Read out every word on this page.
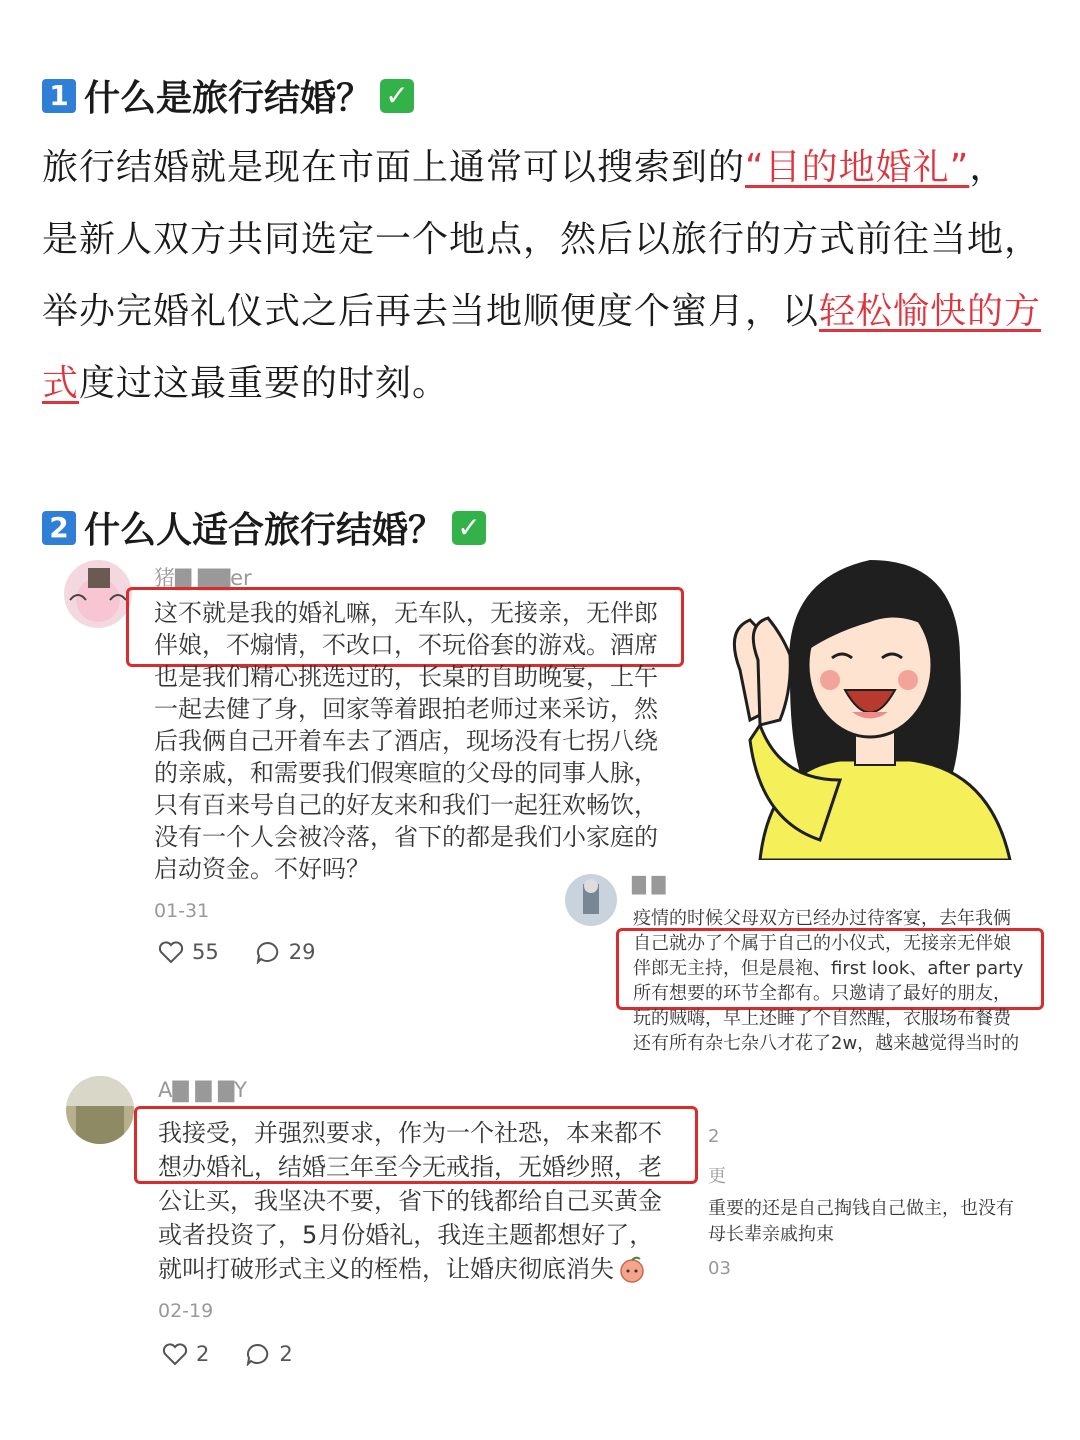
1 什么是旅行结婚？ ✓
旅行结婚就是现在市面上通常可以搜索到的“目的地婚礼”，是新人双方共同选定一个地点，然后以旅行的方式前往当地，举办完婚礼仪式之后再去当地顺便度个蜜月，以轻松愉快的方式度过这最重要的时刻。
2 什么人适合旅行结婚？ ✓
猪▇ ▇▇er
这不就是我的婚礼嘛，无车队，无接亲，无伴郎
伴娘，不煽情，不改口，不玩俗套的游戏。酒席
也是我们精心挑选过的，长桌的自助晚宴，上午
一起去健了身，回家等着跟拍老师过来采访，然
后我俩自己开着车去了酒店，现场没有七拐八绕
的亲戚，和需要我们假寒暄的父母的同事人脉，
只有百来号自己的好友来和我们一起狂欢畅饮，
没有一个人会被冷落，省下的都是我们小家庭的
启动资金。不好吗？
01-31
55	29
▇ ▇
疫情的时候父母双方已经办过待客宴，去年我俩
自己就办了个属于自己的小仪式，无接亲无伴娘
伴郎无主持，但是晨袍、first look、after party
所有想要的环节全都有。只邀请了最好的朋友，
玩的贼嗨，早上还睡了个自然醒，衣服场布餐费
还有所有杂七杂八才花了2w，越来越觉得当时的
A▇ ▇ ▇Y
我接受，并强烈要求，作为一个社恐，本来都不
想办婚礼，结婚三年至今无戒指，无婚纱照，老
公让买，我坚决不要，省下的钱都给自己买黄金
或者投资了，5月份婚礼，我连主题都想好了，
就叫打破形式主义的桎梏，让婚庆彻底消失
02-19
2	2
2
更
重要的还是自己掏钱自己做主，也没有
母长辈亲戚拘束
03
